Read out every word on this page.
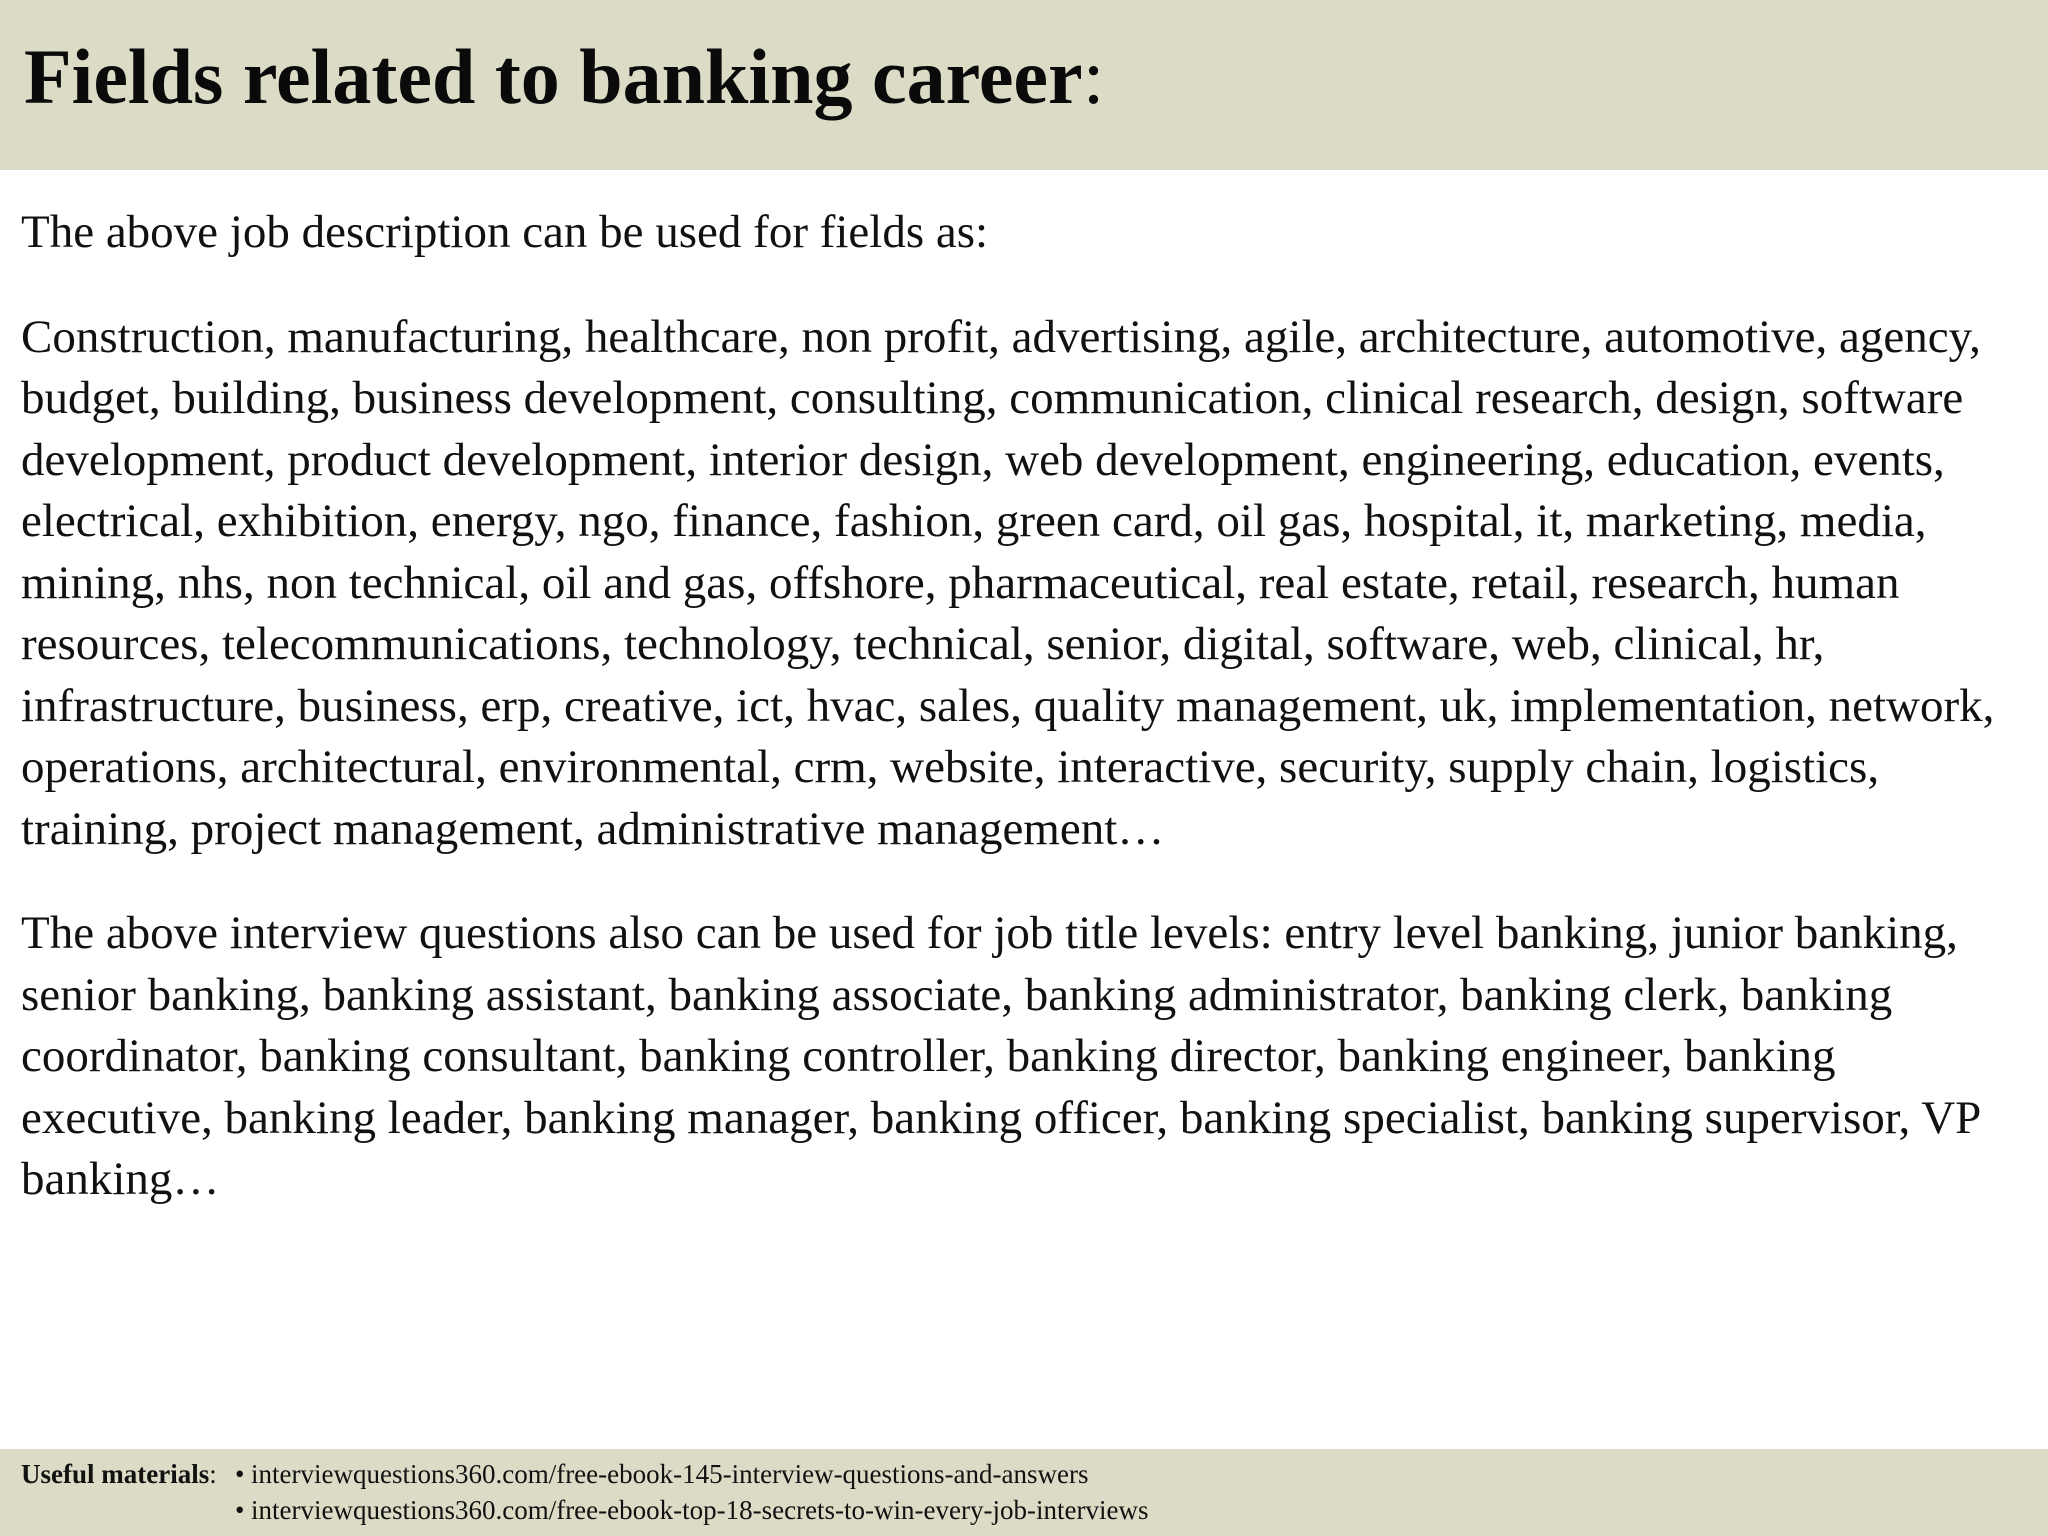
Fields related to banking career:

The above job description can be used for fields as:

Construction, manufacturing, healthcare, non profit, advertising, agile, architecture, automotive, agency, budget, building, business development, consulting, communication, clinical research, design, software development, product development, interior design, web development, engineering, education, events, electrical, exhibition, energy, ngo, finance, fashion, green card, oil gas, hospital, it, marketing, media, mining, nhs, non technical, oil and gas, offshore, pharmaceutical, real estate, retail, research, human resources, telecommunications, technology, technical, senior, digital, software, web, clinical, hr, infrastructure, business, erp, creative, ict, hvac, sales, quality management, uk, implementation, network, operations, architectural, environmental, crm, website, interactive, security, supply chain, logistics, training, project management, administrative management…

The above interview questions also can be used for job title levels: entry level banking, junior banking, senior banking, banking assistant, banking associate, banking administrator, banking clerk, banking coordinator, banking consultant, banking controller, banking director, banking engineer, banking executive, banking leader, banking manager, banking officer, banking specialist, banking supervisor, VP banking…

Useful materials: • interviewquestions360.com/free-ebook-145-interview-questions-and-answers
• interviewquestions360.com/free-ebook-top-18-secrets-to-win-every-job-interviews
